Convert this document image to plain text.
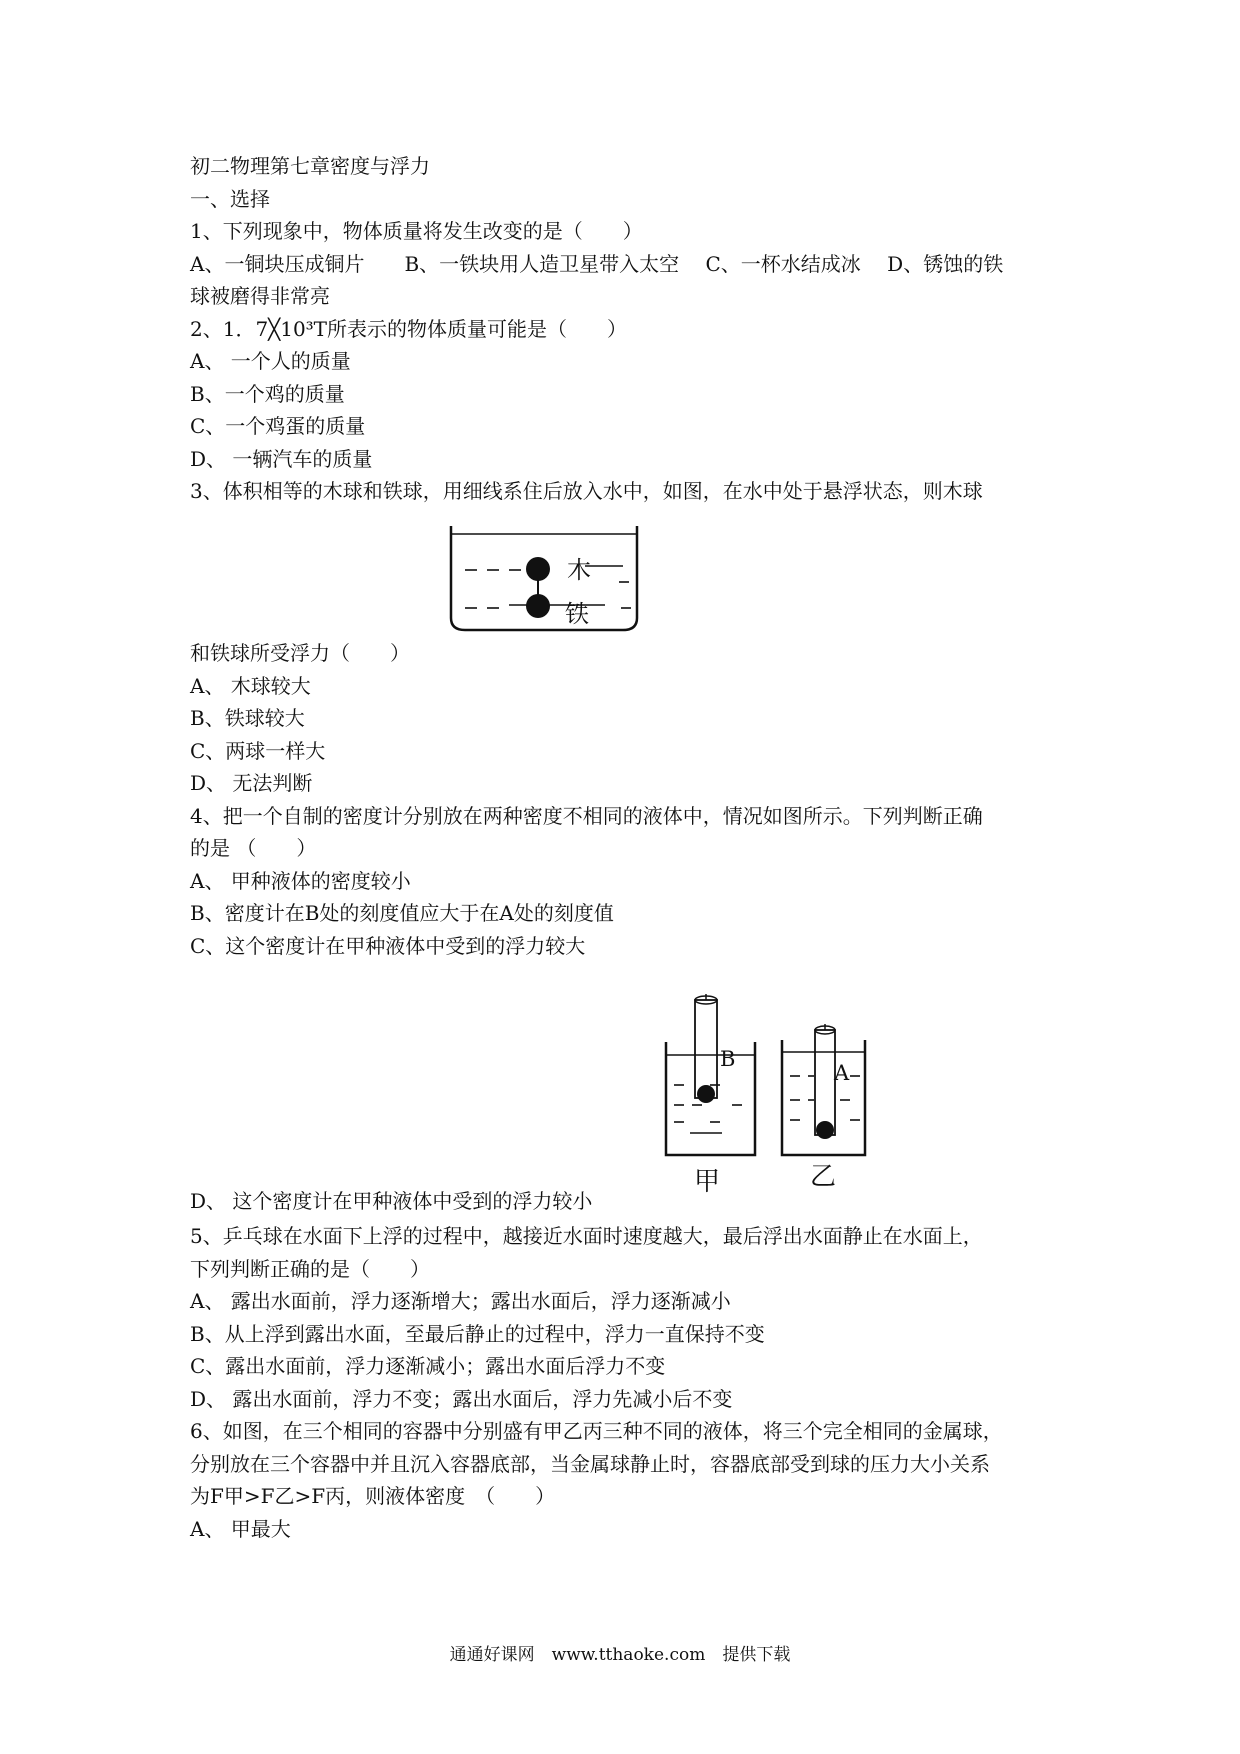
初二物理第七章密度与浮力
一、选择
1、下列现象中，物体质量将发生改变的是（　　）
A、一铜块压成铜片　　B、一铁块用人造卫星带入太空　 C、一杯水结成冰　 D、锈蚀的铁
球被磨得非常亮
2、1．7╳10³T所表示的物体质量可能是（　　）
A、 一个人的质量
B、一个鸡的质量
C、一个鸡蛋的质量
D、 一辆汽车的质量
3、体积相等的木球和铁球，用细线系住后放入水中，如图，在水中处于悬浮状态，则木球
木
铁
和铁球所受浮力（　　）
A、 木球较大
B、铁球较大
C、两球一样大
D、 无法判断
4、把一个自制的密度计分别放在两种密度不相同的液体中，情况如图所示。下列判断正确
的是 （　　）
A、 甲种液体的密度较小
B、密度计在B处的刻度值应大于在A处的刻度值
C、这个密度计在甲种液体中受到的浮力较大
B
A
甲	乙
D、 这个密度计在甲种液体中受到的浮力较小
5、乒乓球在水面下上浮的过程中，越接近水面时速度越大，最后浮出水面静止在水面上，
下列判断正确的是（　　）
A、 露出水面前，浮力逐渐增大；露出水面后，浮力逐渐减小
B、从上浮到露出水面，至最后静止的过程中，浮力一直保持不变
C、露出水面前，浮力逐渐减小；露出水面后浮力不变
D、 露出水面前，浮力不变；露出水面后，浮力先减小后不变
6、如图，在三个相同的容器中分别盛有甲乙丙三种不同的液体，将三个完全相同的金属球，
分别放在三个容器中并且沉入容器底部，当金属球静止时，容器底部受到球的压力大小关系
为F甲>F乙>F丙，则液体密度　（　　）
A、 甲最大
通通好课网　www.tthaoke.com　提供下载
